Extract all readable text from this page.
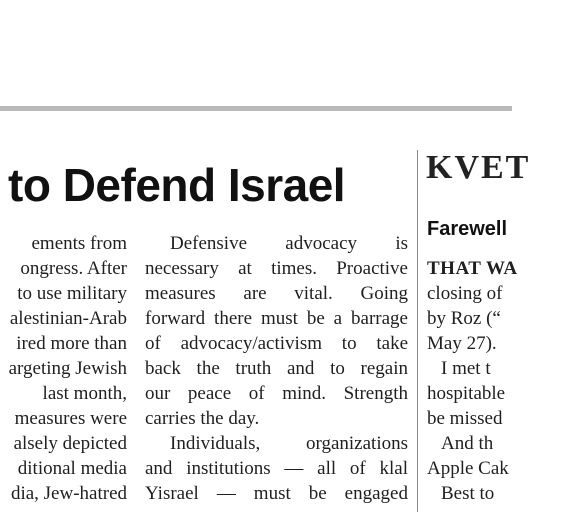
to Defend Israel

ements from

ongress. After

to use military

alestinian-Arab

ired more than

argeting Jewish

last month,

measures were

alsely depicted

ditional media

dia, Jew-hatred

Defensive advocacy is

necessary at times. Proactive

measures are vital. Going

forward there must be a barrage

of advocacy/activism to take

back the truth and to regain

our peace of mind. Strength

carries the day.

Individuals, organizations

and institutions — all of klal

Yisrael — must be engaged

KVET
Farewell

THAT WA

closing of

by Roz (“

May 27).

I met t

hospitable

be missed

And th

Apple Cak

Best to
